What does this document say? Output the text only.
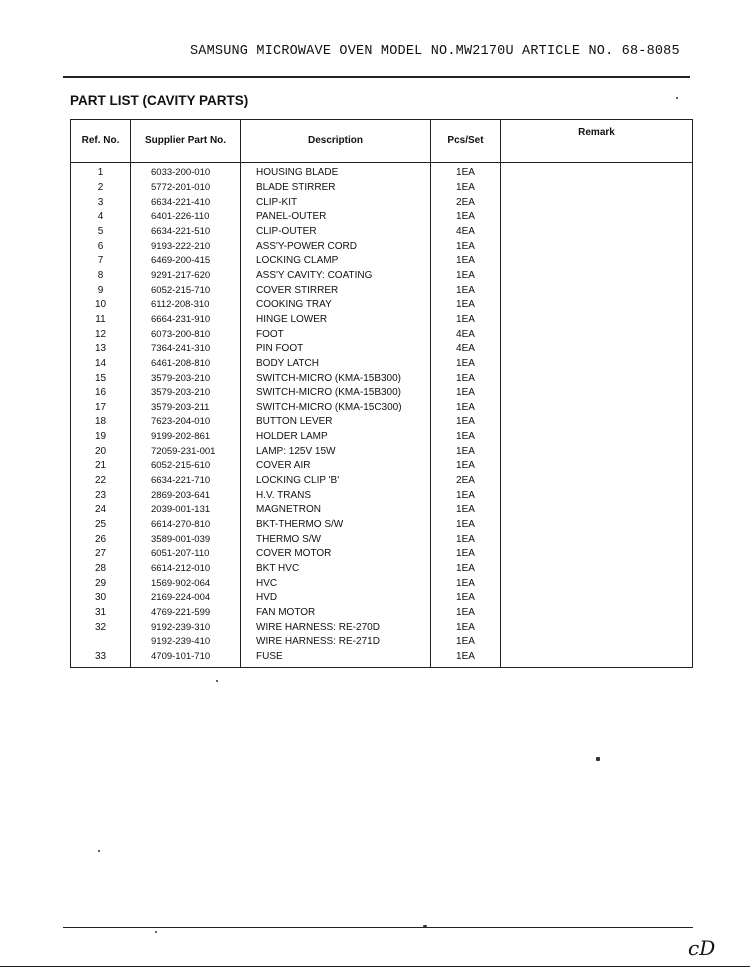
SAMSUNG MICROWAVE OVEN MODEL NO.MW2170U ARTICLE NO. 68-8085
PART LIST (CAVITY PARTS)
Ref. No.	Supplier Part No.	Description	Pcs/Set	Remark
1	6033-200-010	HOUSING BLADE	1EA	
2	5772-201-010	BLADE STIRRER	1EA	
3	6634-221-410	CLIP-KIT	2EA	
4	6401-226-110	PANEL-OUTER	1EA	
5	6634-221-510	CLIP-OUTER	4EA	
6	9193-222-210	ASS'Y-POWER CORD	1EA	
7	6469-200-415	LOCKING CLAMP	1EA	
8	9291-217-620	ASS'Y CAVITY: COATING	1EA	
9	6052-215-710	COVER STIRRER	1EA	
10	6112-208-310	COOKING TRAY	1EA	
11	6664-231-910	HINGE LOWER	1EA	
12	6073-200-810	FOOT	4EA	
13	7364-241-310	PIN FOOT	4EA	
14	6461-208-810	BODY LATCH	1EA	
15	3579-203-210	SWITCH-MICRO (KMA-15B300)	1EA	
16	3579-203-210	SWITCH-MICRO (KMA-15B300)	1EA	
17	3579-203-211	SWITCH-MICRO (KMA-15C300)	1EA	
18	7623-204-010	BUTTON LEVER	1EA	
19	9199-202-861	HOLDER LAMP	1EA	
20	72059-231-001	LAMP: 125V 15W	1EA	
21	6052-215-610	COVER AIR	1EA	
22	6634-221-710	LOCKING CLIP 'B'	2EA	
23	2869-203-641	H.V. TRANS	1EA	
24	2039-001-131	MAGNETRON	1EA	
25	6614-270-810	BKT-THERMO S/W	1EA	
26	3589-001-039	THERMO S/W	1EA	
27	6051-207-110	COVER MOTOR	1EA	
28	6614-212-010	BKT HVC	1EA	
29	1569-902-064	HVC	1EA	
30	2169-224-004	HVD	1EA	
31	4769-221-599	FAN MOTOR	1EA	
32	9192-239-310	WIRE HARNESS: RE-270D	1EA	
	9192-239-410	WIRE HARNESS: RE-271D	1EA	
33	4709-101-710	FUSE	1EA	
cD
